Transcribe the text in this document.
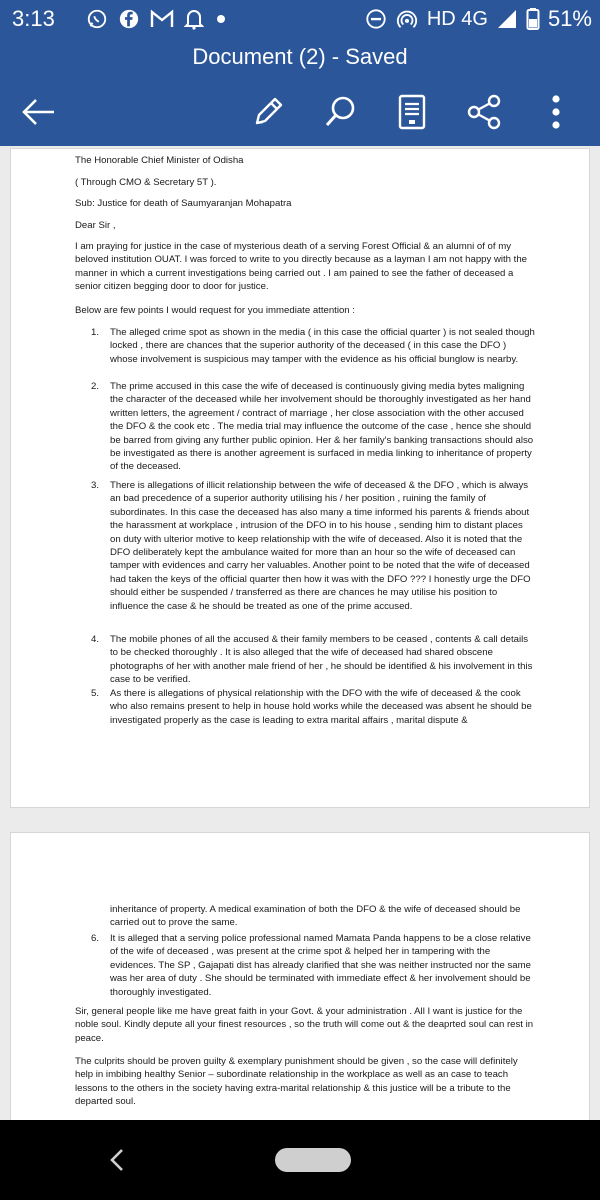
3:13	HD 4G	51%
Document (2) - Saved

The Honorable Chief Minister of Odisha

( Through CMO & Secretary 5T ).

Sub: Justice for death of Saumyaranjan Mohapatra

Dear Sir ,

I am praying for justice in the case of mysterious death of a serving Forest Official & an alumni of of my beloved institution OUAT. I was forced to write to you directly because as a layman I am not happy with the manner in which a current investigations being carried out . I am pained to see the father of deceased a senior citizen begging door to door for justice.

Below are few points I would request for you immediate attention :

1. The alleged crime spot as shown in the media ( in this case the official quarter ) is not sealed though locked , there are chances that the superior authority of the deceased ( in this case the DFO ) whose involvement is suspicious may tamper with the evidence as his official bunglow is nearby.

2. The prime accused in this case the wife of deceased is continuously giving media bytes maligning the character of the deceased while her involvement should be thoroughly investigated as her hand written letters, the agreement / contract of marriage , her close association with the other accused the DFO & the cook etc . The media trial may influence the outcome of the case , hence she should be barred from giving any further public opinion. Her & her family's banking transactions should also be investigated as there is another agreement is surfaced in media linking to inheritance of property of the deceased.

3. There is allegations of illicit relationship between the wife of deceased & the DFO , which is always an bad precedence of a superior authority utilising his / her position , ruining the family of subordinates. In this case the deceased has also many a time informed his parents & friends about the harassment at workplace , intrusion of the DFO in to his house , sending him to distant places on duty with ulterior motive to keep relationship with the wife of deceased. Also it is noted that the DFO deliberately kept the ambulance waited for more than an hour so the wife of deceased can tamper with evidences and carry her valuables. Another point to be noted that the wife of deceased had taken the keys of the official quarter then how it was with the DFO ??? I honestly urge the DFO should either be suspended / transferred as there are chances he may utilise his position to influence the case & he should be treated as one of the prime accused.

4. The mobile phones of all the accused & their family members to be ceased , contents & call details to be checked thoroughly . It is also alleged that the wife of deceased had shared obscene photographs of her with another male friend of her , he should be identified & his involvement in this case to be verified.

5. As there is allegations of physical relationship with the DFO with the wife of deceased & the cook who also remains present to help in house hold works while the deceased was absent he should be investigated properly as the case is leading to extra marital affairs , marital dispute &

inheritance of property. A medical examination of both the DFO & the wife of deceased should be carried out to prove the same.

6. It is alleged that a serving police professional named Mamata Panda happens to be a close relative of the wife of deceased , was present at the crime spot & helped her in tampering with the evidences. The SP , Gajapati dist has already clarified that she was neither instructed nor the same was her area of duty . She should be terminated with immediate effect & her involvement should be thoroughly investigated.

Sir, general people like me have great faith in your Govt. & your administration . All I want is justice for the noble soul. Kindly depute all your finest resources , so the truth will come out & the deaprted soul can rest in peace.

The culprits should be proven guilty & exemplary punishment should be given , so the case will definitely help in imbibing healthy Senior – subordinate relationship in the workplace as well as an case to teach lessons to the others in the society having extra-marital relationship & this justice will be a tribute to the departed soul.
